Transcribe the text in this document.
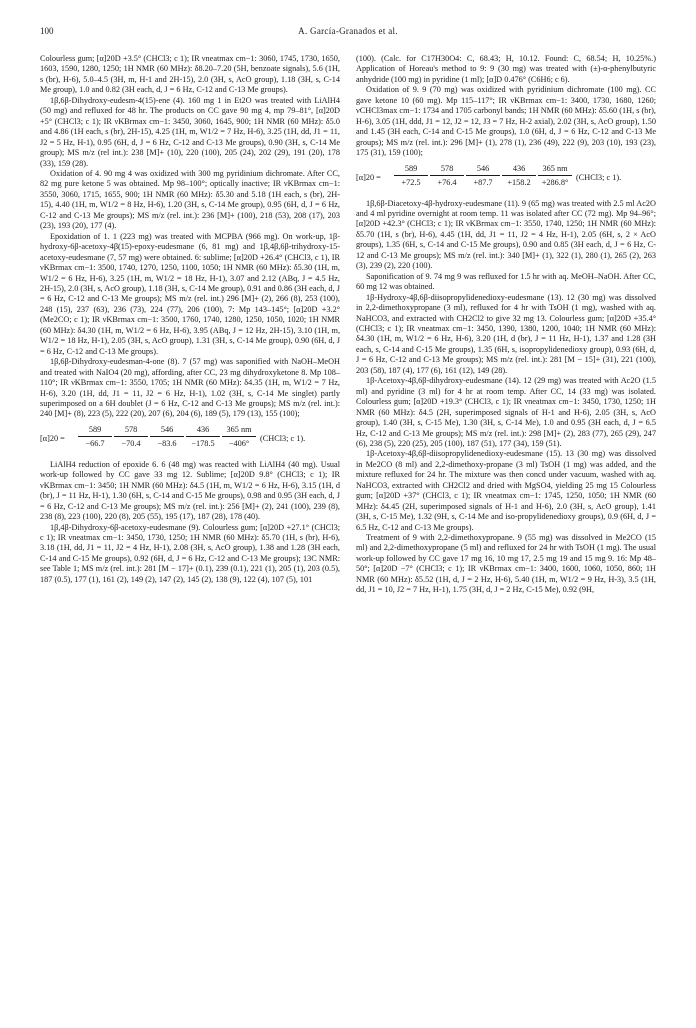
100	A. García-Granados et al.

Colourless gum; [α]20D +3.5° (CHCl3; c 1); IR νneatmax cm−1: 3060, 1745, 1730, 1650, 1603, 1590, 1280, 1250; 1H NMR (60 MHz): δ8.20–7.20 (5H, benzoate signals), 5.6 (1H, s (br), H-6), 5.0–4.5 (3H, m, H-1 and 2H-15), 2.0 (3H, s, AcO group), 1.18 (3H, s, C-14 Me group), 1.0 and 0.82 (3H each, d, J = 6 Hz, C-12 and C-13 Me groups).

1β,6β-Dihydroxy-eudesm-4(15)-ene (4). 160 mg 1 in Et2O was treated with LiAlH4 (50 mg) and refluxed for 48 hr. The products on CC gave 90 mg 4, mp 79–81°, [α]20D +5° (CHCl3; c 1); IR νKBrmax cm−1: 3450, 3060, 1645, 900; 1H NMR (60 MHz): δ5.0 and 4.86 (1H each, s (br), 2H-15), 4.25 (1H, m, W1/2 = 7 Hz, H-6), 3.25 (1H, dd, J1 = 11, J2 = 5 Hz, H-1), 0.95 (6H, d, J = 6 Hz, C-12 and C-13 Me groups), 0.90 (3H, s, C-14 Me group); MS m/z (rel int.): 238 [M]+ (10), 220 (100), 205 (24), 202 (29), 191 (20), 178 (33), 159 (28).

Oxidation of 4. 90 mg 4 was oxidized with 300 mg pyridinium dichromate. After CC, 82 mg pure ketone 5 was obtained. Mp 98–100°; optically inactive; IR νKBrmax cm−1: 3550, 3060, 1715, 1655, 900; 1H NMR (60 MHz): δ5.30 and 5.18 (1H each, s (br), 2H-15), 4.40 (1H, m, W1/2 = 8 Hz, H-6), 1.20 (3H, s, C-14 Me group), 0.95 (6H, d, J = 6 Hz, C-12 and C-13 Me groups); MS m/z (rel. int.): 236 [M]+ (100), 218 (53), 208 (17), 203 (23), 193 (20), 177 (4).

Epoxidation of 1. 1 (223 mg) was treated with MCPBA (966 mg). On work-up, 1β-hydroxy-6β-acetoxy-4β(15)-epoxy-eudesmane (6, 81 mg) and 1β,4β,6β-trihydroxy-15-acetoxy-eudesmane (7, 57 mg) were obtained. 6: sublime; [α]20D +26.4° (CHCl3, c 1), IR νKBrmax cm−1: 3500, 1740, 1270, 1250, 1100, 1050; 1H NMR (60 MHz): δ5.30 (1H, m, W1/2 = 6 Hz, H-6), 3.25 (1H, m, W1/2 = 18 Hz, H-1), 3.07 and 2.12 (ABq, J = 4.5 Hz, 2H-15), 2.0 (3H, s, AcO group), 1.18 (3H, s, C-14 Me group), 0.91 and 0.86 (3H each, d, J = 6 Hz, C-12 and C-13 Me groups); MS m/z (rel. int.) 296 [M]+ (2), 266 (8), 253 (100), 248 (15), 237 (63), 236 (73), 224 (77), 206 (100), 7: Mp 143–145°; [α]20D +3.2° (Me2CO; c 1); IR νKBrmax cm−1: 3500, 1760, 1740, 1280, 1250, 1050, 1020; 1H NMR (60 MHz): δ4.30 (1H, m, W1/2 = 6 Hz, H-6), 3.95 (ABq, J = 12 Hz, 2H-15), 3.10 (1H, m, W1/2 = 18 Hz, H-1), 2.05 (3H, s, AcO group), 1.31 (3H, s, C-14 Me group), 0.90 (6H, d, J = 6 Hz, C-12 and C-13 Me groups).

1β,6β-Dihydroxy-eudesman-4-one (8). 7 (57 mg) was saponified with NaOH–MeOH and treated with NaIO4 (20 mg), affording, after CC, 23 mg dihydroxyketone 8. Mp 108–110°; IR νKBrmax cm−1: 3550, 1705; 1H NMR (60 MHz): δ4.35 (1H, m, W1/2 = 7 Hz, H-6), 3.20 (1H, dd, J1 = 11, J2 = 6 Hz, H-1), 1.02 (3H, s, C-14 Me singlet) partly superimposed on a 6H doublet (J = 6 Hz, C-12 and C-13 Me groups); MS m/z (rel. int.): 240 [M]+ (8), 223 (5), 222 (20), 207 (6), 204 (6), 189 (5), 179 (13), 155 (100);

[α]20 =
589	578	546	436	365 nm
−66.7	−70.4	−83.6	−178.5	−406°
(CHCl3; c 1).

LiAlH4 reduction of epoxide 6. 6 (48 mg) was reacted with LiAlH4 (40 mg). Usual work-up followed by CC gave 33 mg 12. Sublime; [α]20D 9.8° (CHCl3; c 1); IR νKBrmax cm−1: 3450; 1H NMR (60 MHz): δ4.5 (1H, m, W1/2 = 6 Hz, H-6), 3.15 (1H, d (br), J = 11 Hz, H-1), 1.30 (6H, s, C-14 and C-15 Me groups), 0.98 and 0.95 (3H each, d, J = 6 Hz, C-12 and C-13 Me groups); MS m/z (rel. int.): 256 [M]+ (2), 241 (100), 239 (8), 238 (8), 223 (100), 220 (8), 205 (55), 195 (17), 187 (28), 178 (40).

1β,4β-Dihydroxy-6β-acetoxy-eudesmane (9). Colourless gum; [α]20D +27.1° (CHCl3; c 1); IR νneatmax cm−1: 3450, 1730, 1250; 1H NMR (60 MHz): δ5.70 (1H, s (br), H-6), 3.18 (1H, dd, J1 = 11, J2 = 4 Hz, H-1), 2.08 (3H, s, AcO group), 1.38 and 1.28 (3H each, C-14 and C-15 Me groups), 0.92 (6H, d, J = 6 Hz, C-12 and C-13 Me groups); 13C NMR: see Table 1; MS m/z (rel. int.): 281 [M − 17]+ (0.1), 239 (0.1), 221 (1), 205 (1), 203 (0.5), 187 (0.5), 177 (1), 161 (2), 149 (2), 147 (2), 145 (2), 138 (9), 122 (4), 107 (5), 101

(100). (Calc. for C17H30O4: C, 68.43; H, 10.12. Found: C, 68.54; H, 10.25%.) Application of Horeau's method to 9: 9 (30 mg) was treated with (±)-α-phenylbutyric anhydride (100 mg) in pyridine (1 ml); [α]D 0.476° (C6H6; c 6).

Oxidation of 9. 9 (70 mg) was oxidized with pyridinium dichromate (100 mg). CC gave ketone 10 (60 mg). Mp 115–117°; IR νKBrmax cm−1: 3400, 1730, 1680, 1260; νCHCl3max cm−1: 1734 and 1705 carbonyl bands; 1H NMR (60 MHz): δ5.60 (1H, s (br), H-6), 3.05 (1H, ddd, J1 = 12, J2 = 12, J3 = 7 Hz, H-2 axial), 2.02 (3H, s, AcO group), 1.50 and 1.45 (3H each, C-14 and C-15 Me groups), 1.0 (6H, d, J = 6 Hz, C-12 and C-13 Me groups); MS m/z (rel. int.): 296 [M]+ (1), 278 (1), 236 (49), 222 (9), 203 (10), 193 (23), 175 (31), 159 (100);

[α]20 =
589	578	546	436	365 nm
+72.5	+76.4	+87.7	+158.2	+286.8°
(CHCl3; c 1).

1β,6β-Diacetoxy-4β-hydroxy-eudesmane (11). 9 (65 mg) was treated with 2.5 ml Ac2O and 4 ml pyridine overnight at room temp. 11 was isolated after CC (72 mg). Mp 94–96°; [α]20D +42.3° (CHCl3; c 1); IR νKBrmax cm−1: 3550, 1740, 1250; 1H NMR (60 MHz): δ5.70 (1H, s (br), H-6), 4.45 (1H, dd, J1 = 11, J2 = 4 Hz, H-1), 2.05 (6H, s, 2 × AcO groups), 1.35 (6H, s, C-14 and C-15 Me groups), 0.90 and 0.85 (3H each, d, J = 6 Hz, C-12 and C-13 Me groups); MS m/z (rel. int.): 340 [M]+ (1), 322 (1), 280 (1), 265 (2), 263 (3), 239 (2), 220 (100).

Saponification of 9. 74 mg 9 was refluxed for 1.5 hr with aq. MeOH–NaOH. After CC, 60 mg 12 was obtained.

1β-Hydroxy-4β,6β-diisopropylidenedioxy-eudesmane (13). 12 (30 mg) was dissolved in 2,2-dimethoxypropane (3 ml), refluxed for 4 hr with TsOH (1 mg), washed with aq. NaHCO3, and extracted with CH2Cl2 to give 32 mg 13. Colourless gum; [α]20D +35.4° (CHCl3; c 1); IR νneatmax cm−1: 3450, 1390, 1380, 1200, 1040; 1H NMR (60 MHz): δ4.30 (1H, m, W1/2 = 6 Hz, H-6), 3.20 (1H, d (br), J = 11 Hz, H-1), 1.37 and 1.28 (3H each, s, C-14 and C-15 Me groups), 1.35 (6H, s, isopropylidenedioxy group), 0.93 (6H, d, J = 6 Hz, C-12 and C-13 Me groups); MS m/z (rel. int.): 281 [M − 15]+ (31), 221 (100), 203 (58), 187 (4), 177 (6), 161 (12), 149 (28).

1β-Acetoxy-4β,6β-dihydroxy-eudesmane (14). 12 (29 mg) was treated with Ac2O (1.5 ml) and pyridine (3 ml) for 4 hr at room temp. After CC, 14 (33 mg) was isolated. Colourless gum; [α]20D +19.3° (CHCl3, c 1); IR νneatmax cm−1: 3450, 1730, 1250; 1H NMR (60 MHz): δ4.5 (2H, superimposed signals of H-1 and H-6), 2.05 (3H, s, AcO group), 1.40 (3H, s, C-15 Me), 1.30 (3H, s, C-14 Me), 1.0 and 0.95 (3H each, d, J = 6.5 Hz, C-12 and C-13 Me groups); MS m/z (rel. int.): 298 [M]+ (2), 283 (77), 265 (29), 247 (6), 238 (5), 220 (25), 205 (100), 187 (51), 177 (34), 159 (51).

1β-Acetoxy-4β,6β-diisopropylidenedioxy-eudesmane (15). 13 (30 mg) was dissolved in Me2CO (8 ml) and 2,2-dimethoxy-propane (3 ml) TsOH (1 mg) was added, and the mixture refluxed for 24 hr. The mixture was then concd under vacuum, washed with aq. NaHCO3, extracted with CH2Cl2 and dried with MgSO4, yielding 25 mg 15 Colourless gum; [α]20D +37° (CHCl3, c 1); IR νneatmax cm−1: 1745, 1250, 1050; 1H NMR (60 MHz): δ4.45 (2H, superimposed signals of H-1 and H-6), 2.0 (3H, s, AcO group), 1.41 (3H, s, C-15 Me), 1.32 (9H, s, C-14 Me and iso-propylidenedioxy groups), 0.9 (6H, d, J = 6.5 Hz, C-12 and C-13 Me groups).

Treatment of 9 with 2,2-dimethoxypropane. 9 (55 mg) was dissolved in Me2CO (15 ml) and 2,2-dimethoxypropane (5 ml) and refluxed for 24 hr with TsOH (1 mg). The usual work-up followed by CC gave 17 mg 16, 10 mg 17, 2.5 mg 19 and 15 mg 9. 16: Mp 48–50°; [α]20D −7° (CHCl3; c 1); IR νKBrmax cm−1: 3400, 1600, 1060, 1050, 860; 1H NMR (60 MHz): δ5.52 (1H, d, J = 2 Hz, H-6), 5.40 (1H, m, W1/2 = 9 Hz, H-3), 3.5 (1H, dd, J1 = 10, J2 = 7 Hz, H-1), 1.75 (3H, d, J = 2 Hz, C-15 Me), 0.92 (9H,
